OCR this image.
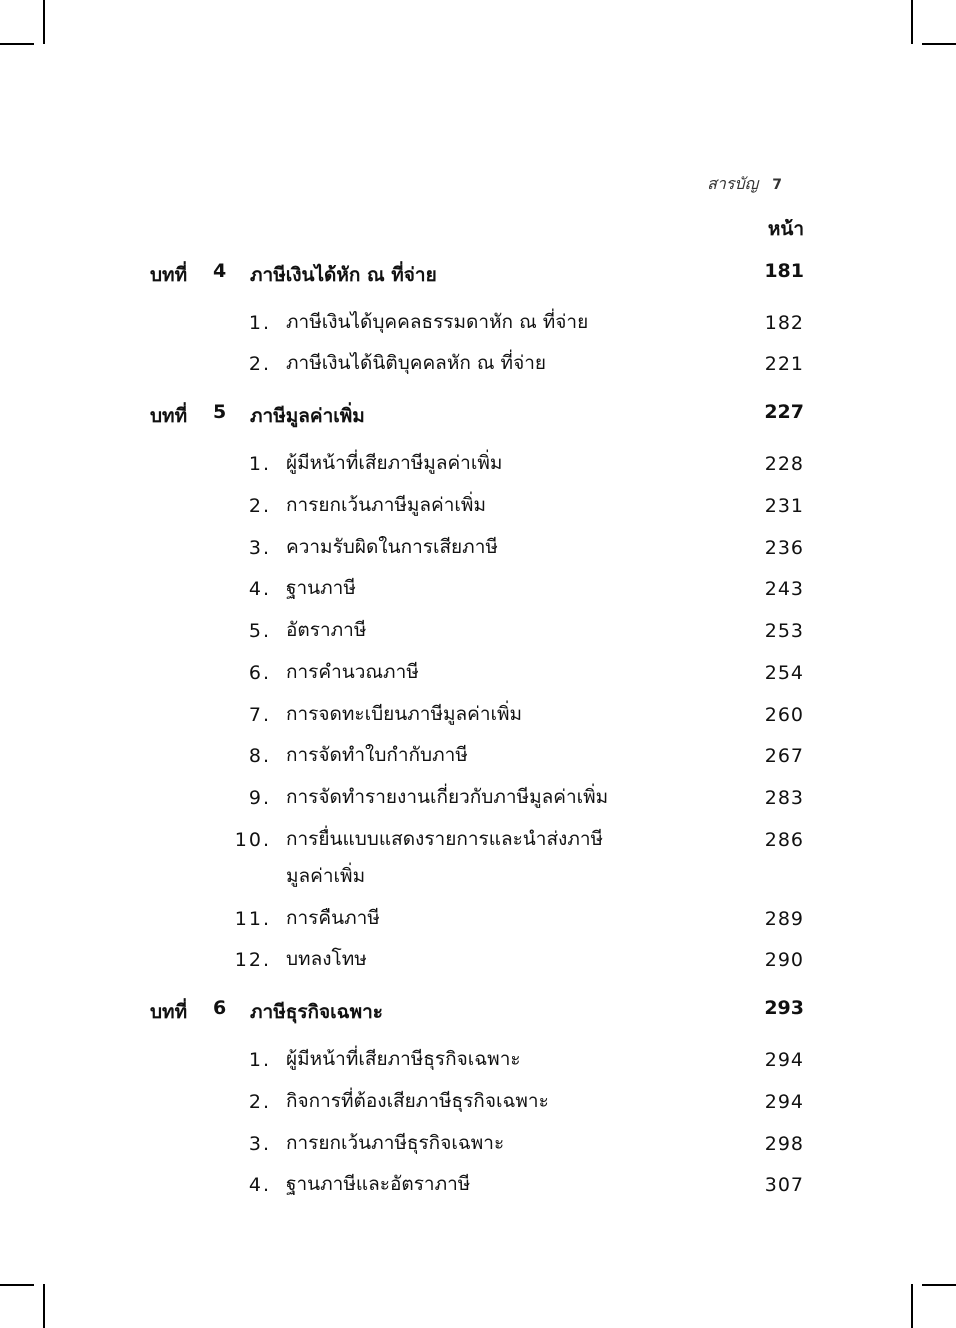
สารบัญ 7
หน้า
บทที่ 4 ภาษีเงินได้หัก ณ ที่จ่าย	181
1. ภาษีเงินได้บุคคลธรรมดาหัก ณ ที่จ่าย	182
2. ภาษีเงินได้นิติบุคคลหัก ณ ที่จ่าย	221
บทที่ 5 ภาษีมูลค่าเพิ่ม	227
1. ผู้มีหน้าที่เสียภาษีมูลค่าเพิ่ม	228
2. การยกเว้นภาษีมูลค่าเพิ่ม	231
3. ความรับผิดในการเสียภาษี	236
4. ฐานภาษี	243
5. อัตราภาษี	253
6. การคำนวณภาษี	254
7. การจดทะเบียนภาษีมูลค่าเพิ่ม	260
8. การจัดทำใบกำกับภาษี	267
9. การจัดทำรายงานเกี่ยวกับภาษีมูลค่าเพิ่ม	283
10. การยื่นแบบแสดงรายการและนำส่งภาษี	286
มูลค่าเพิ่ม
11. การคืนภาษี	289
12. บทลงโทษ	290
บทที่ 6 ภาษีธุรกิจเฉพาะ	293
1. ผู้มีหน้าที่เสียภาษีธุรกิจเฉพาะ	294
2. กิจการที่ต้องเสียภาษีธุรกิจเฉพาะ	294
3. การยกเว้นภาษีธุรกิจเฉพาะ	298
4. ฐานภาษีและอัตราภาษี	307
